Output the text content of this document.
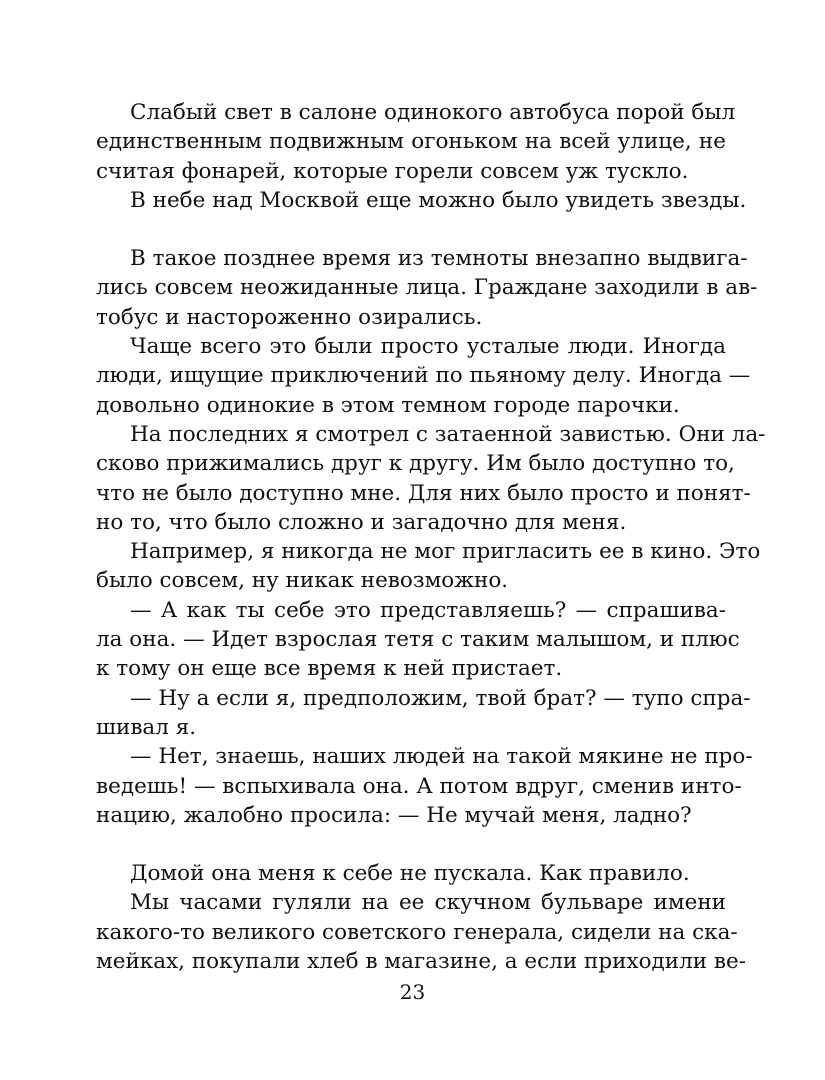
Слабый свет в салоне одинокого автобуса порой был
единственным подвижным огоньком на всей улице, не
считая фонарей, которые горели совсем уж тускло.
В небе над Москвой еще можно было увидеть звезды.
В такое позднее время из темноты внезапно выдвига-
лись совсем неожиданные лица. Граждане заходили в ав-
тобус и настороженно озирались.
Чаще всего это были просто усталые люди. Иногда
люди, ищущие приключений по пьяному делу. Иногда —
довольно одинокие в этом темном городе парочки.
На последних я смотрел с затаенной завистью. Они ла-
сково прижимались друг к другу. Им было доступно то,
что не было доступно мне. Для них было просто и понят-
но то, что было сложно и загадочно для меня.
Например, я никогда не мог пригласить ее в кино. Это
было совсем, ну никак невозможно.
— А как ты себе это представляешь? — спрашива-
ла она. — Идет взрослая тетя с таким малышом, и плюс
к тому он еще все время к ней пристает.
— Ну а если я, предположим, твой брат? — тупо спра-
шивал я.
— Нет, знаешь, наших людей на такой мякине не про-
ведешь! — вспыхивала она. А потом вдруг, сменив инто-
нацию, жалобно просила: — Не мучай меня, ладно?
Домой она меня к себе не пускала. Как правило.
Мы часами гуляли на ее скучном бульваре имени
какого-то великого советского генерала, сидели на ска-
мейках, покупали хлеб в магазине, а если приходили ве-
23
